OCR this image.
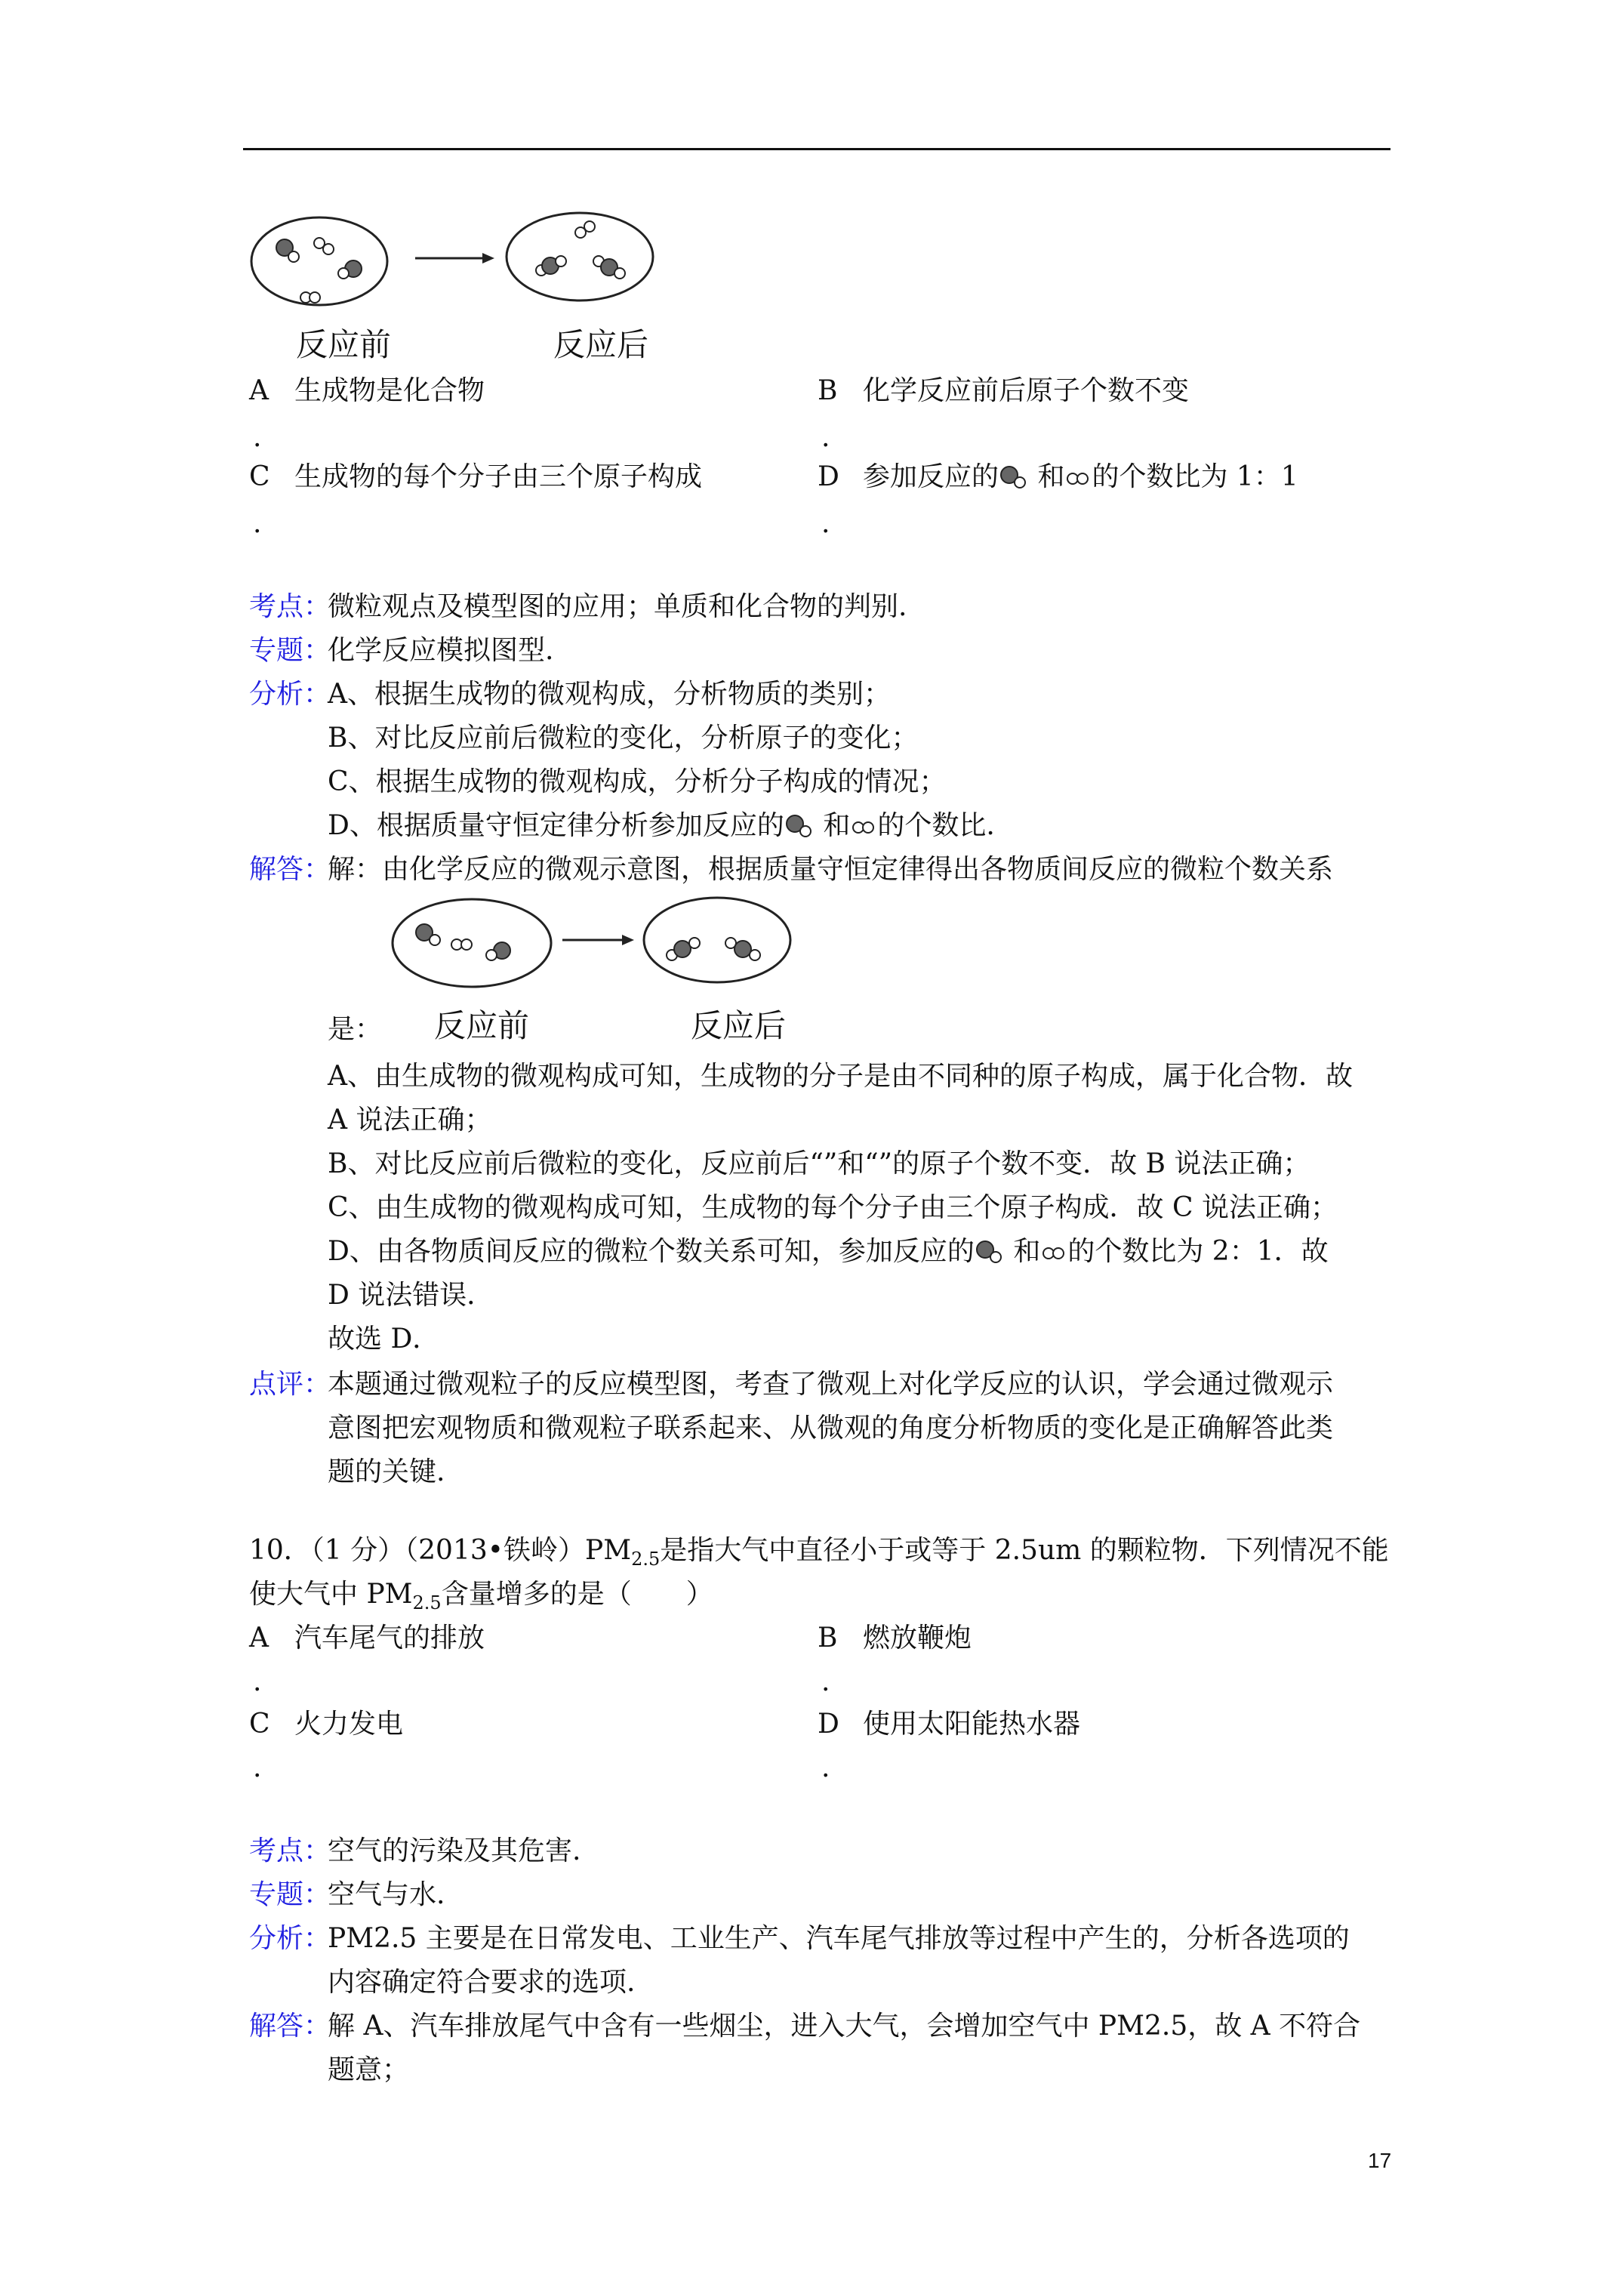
反应前	反应后
A 生成物是化合物	B 化学反应前后原子个数不变
.	.
C 生成物的每个分子由三个原子构成	D 参加反应的 和 的个数比为 1：1
.	.
考点：
微粒观点及模型图的应用；单质和化合物的判别.
专题：
化学反应模拟图型.
分析：
A、根据生成物的微观构成，分析物质的类别；
B、对比反应前后微粒的变化，分析原子的变化；
C、根据生成物的微观构成，分析分子构成的情况；
D、根据质量守恒定律分析参加反应的 和 的个数比.
解答：
解：由化学反应的微观示意图，根据质量守恒定律得出各物质间反应的微粒个数关系
是： 反应前	反应后
A、由生成物的微观构成可知，生成物的分子是由不同种的原子构成，属于化合物．故
A 说法正确；
B、对比反应前后微粒的变化，反应前后“”和“”的原子个数不变．故 B 说法正确；
C、由生成物的微观构成可知，生成物的每个分子由三个原子构成．故 C 说法正确；
D、由各物质间反应的微粒个数关系可知，参加反应的 和 的个数比为 2：1．故
D 说法错误．
故选 D．
点评：
本题通过微观粒子的反应模型图，考查了微观上对化学反应的认识，学会通过微观示
意图把宏观物质和微观粒子联系起来、从微观的角度分析物质的变化是正确解答此类
题的关键.
10．（1 分）（2013•铁岭）$PM_{2.5}$是指大气中直径小于或等于 2.5um 的颗粒物．下列情况不能
使大气中 $PM_{2.5}$含量增多的是（　　）
A 汽车尾气的排放	B 燃放鞭炮
.	.
C 火力发电	D 使用太阳能热水器
.	.
考点：
空气的污染及其危害.
专题：
空气与水.
分析：
PM2.5 主要是在日常发电、工业生产、汽车尾气排放等过程中产生的，分析各选项的
内容确定符合要求的选项.
解答：
解 A、汽车排放尾气中含有一些烟尘，进入大气，会增加空气中 PM2.5，故 A 不符合
题意；
17
